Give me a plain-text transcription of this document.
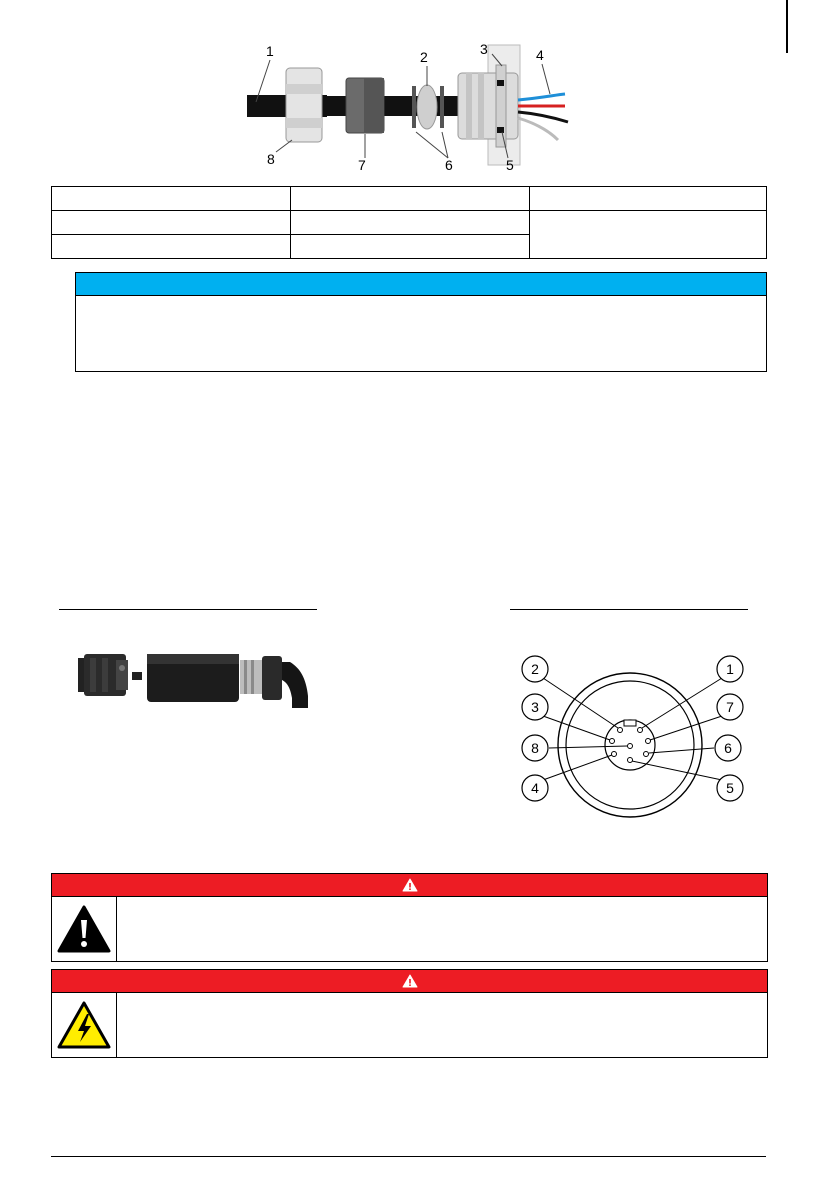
1	2	3	4
5
6
7
8

2	1
3	7
8	6
4	5
